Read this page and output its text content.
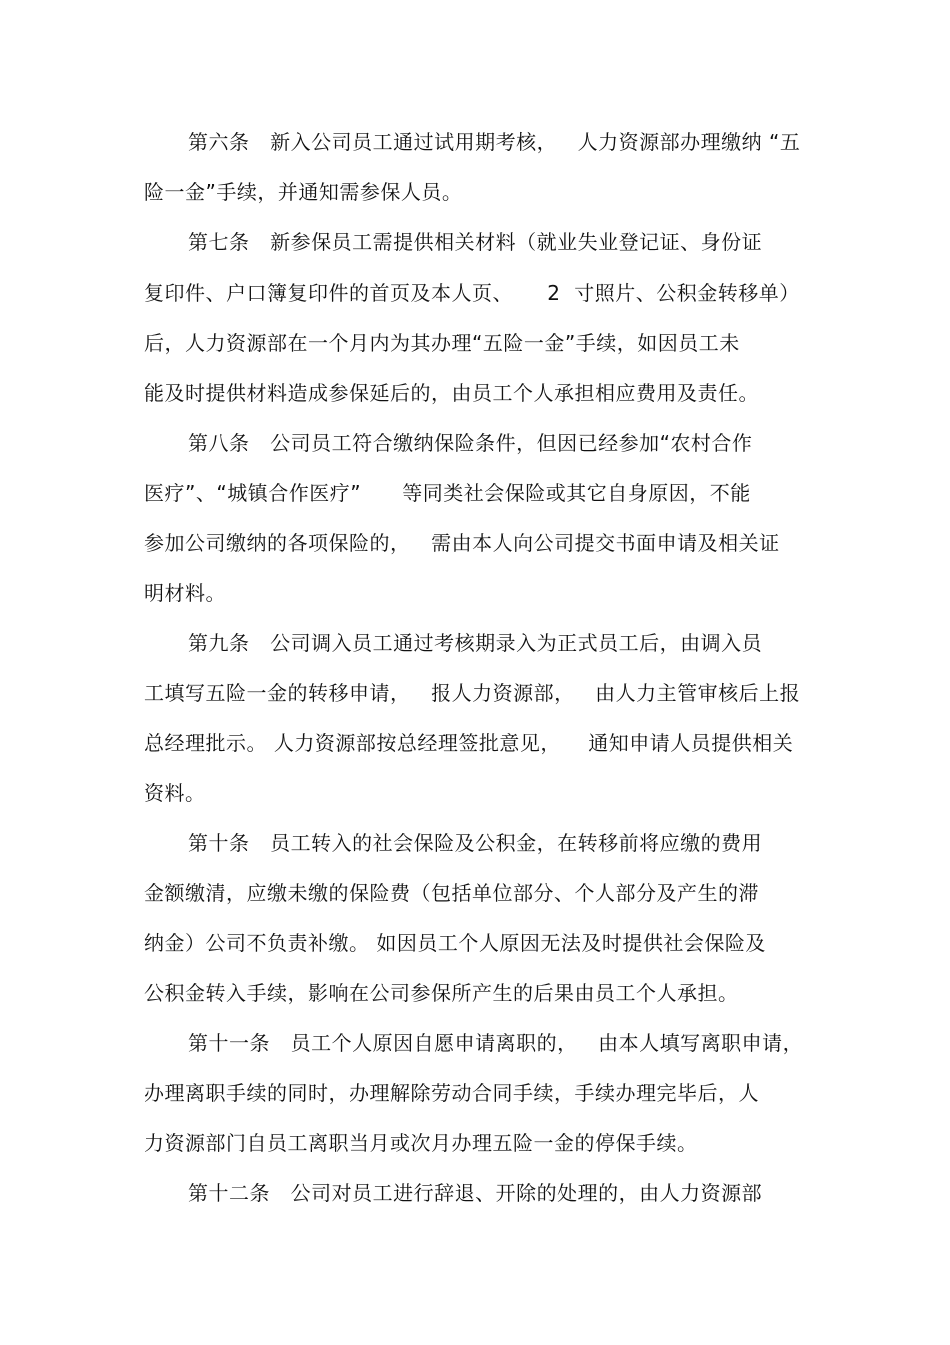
第六条   新入公司员工通过试用期考核，   人力资源部办理缴纳 “五
险一金”手续，并通知需参保人员。
第七条   新参保员工需提供相关材料（就业失业登记证、身份证
复印件、户口簿复印件的首页及本人页、     2  寸照片、公积金转移单）
后，人力资源部在一个月内为其办理“五险一金”手续，如因员工未
能及时提供材料造成参保延后的，由员工个人承担相应费用及责任。
第八条   公司员工符合缴纳保险条件，但因已经参加“农村合作
医疗”、“城镇合作医疗”      等同类社会保险或其它自身原因，不能
参加公司缴纳的各项保险的，   需由本人向公司提交书面申请及相关证
明材料。
第九条   公司调入员工通过考核期录入为正式员工后，由调入员
工填写五险一金的转移申请，   报人力资源部，   由人力主管审核后上报
总经理批示。 人力资源部按总经理签批意见，    通知申请人员提供相关
资料。
第十条   员工转入的社会保险及公积金，在转移前将应缴的费用
金额缴清，应缴未缴的保险费（包括单位部分、个人部分及产生的滞
纳金）公司不负责补缴。 如因员工个人原因无法及时提供社会保险及
公积金转入手续，影响在公司参保所产生的后果由员工个人承担。
第十一条   员工个人原因自愿申请离职的，   由本人填写离职申请，
办理离职手续的同时，办理解除劳动合同手续，手续办理完毕后，人
力资源部门自员工离职当月或次月办理五险一金的停保手续。
第十二条   公司对员工进行辞退、开除的处理的，由人力资源部
